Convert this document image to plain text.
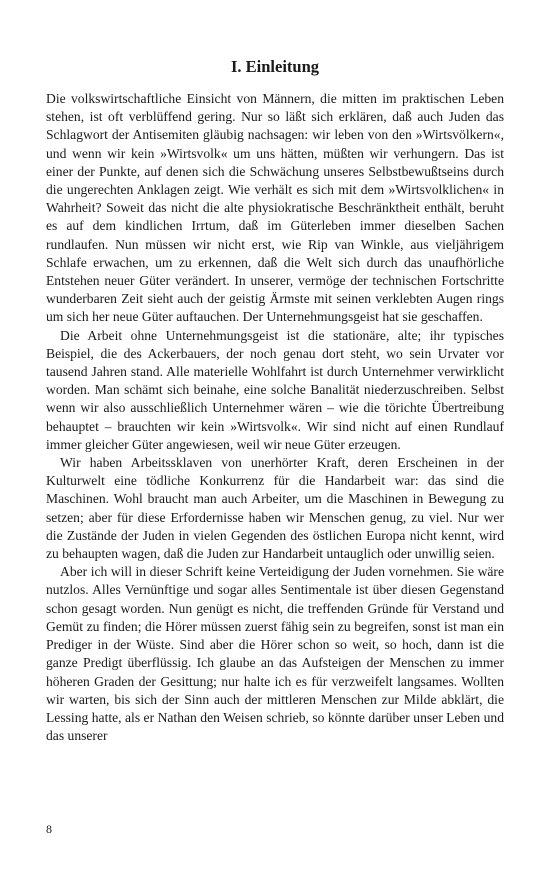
I. Einleitung

Die volkswirtschaftliche Einsicht von Männern, die mitten im praktischen Leben stehen, ist oft verblüffend gering. Nur so läßt sich erklären, daß auch Juden das Schlagwort der Antisemiten gläubig nachsagen: wir leben von den »Wirtsvölkern«, und wenn wir kein »Wirtsvolk« um uns hätten, müßten wir verhungern. Das ist einer der Punkte, auf denen sich die Schwächung unseres Selbstbewußtseins durch die ungerechten Anklagen zeigt. Wie verhält es sich mit dem »Wirtsvolklichen« in Wahrheit? Soweit das nicht die alte physiokratische Beschränktheit enthält, beruht es auf dem kindlichen Irrtum, daß im Güterleben immer dieselben Sachen rundlaufen. Nun müssen wir nicht erst, wie Rip van Winkle, aus vieljährigem Schlafe erwachen, um zu erkennen, daß die Welt sich durch das unaufhörliche Entstehen neuer Güter verändert. In unserer, vermöge der technischen Fortschritte wunderbaren Zeit sieht auch der geistig Ärmste mit seinen verklebten Augen rings um sich her neue Güter auftauchen. Der Unternehmungsgeist hat sie geschaffen.

Die Arbeit ohne Unternehmungsgeist ist die stationäre, alte; ihr typisches Beispiel, die des Ackerbauers, der noch genau dort steht, wo sein Urvater vor tausend Jahren stand. Alle materielle Wohlfahrt ist durch Unternehmer verwirklicht worden. Man schämt sich beinahe, eine solche Banalität niederzuschreiben. Selbst wenn wir also ausschließlich Unternehmer wären – wie die törichte Übertreibung behauptet – brauchten wir kein »Wirtsvolk«. Wir sind nicht auf einen Rundlauf immer gleicher Güter angewiesen, weil wir neue Güter erzeugen.

Wir haben Arbeitssklaven von unerhörter Kraft, deren Erscheinen in der Kulturwelt eine tödliche Konkurrenz für die Handarbeit war: das sind die Maschinen. Wohl braucht man auch Arbeiter, um die Maschinen in Bewegung zu setzen; aber für diese Erfordernisse haben wir Menschen genug, zu viel. Nur wer die Zustände der Juden in vielen Gegenden des östlichen Europa nicht kennt, wird zu behaupten wagen, daß die Juden zur Handarbeit untauglich oder unwillig seien.

Aber ich will in dieser Schrift keine Verteidigung der Juden vornehmen. Sie wäre nutzlos. Alles Vernünftige und sogar alles Sentimentale ist über diesen Gegenstand schon gesagt worden. Nun genügt es nicht, die treffenden Gründe für Verstand und Gemüt zu finden; die Hörer müssen zuerst fähig sein zu begreifen, sonst ist man ein Prediger in der Wüste. Sind aber die Hörer schon so weit, so hoch, dann ist die ganze Predigt überflüssig. Ich glaube an das Aufsteigen der Menschen zu immer höheren Graden der Gesittung; nur halte ich es für verzweifelt langsames. Wollten wir warten, bis sich der Sinn auch der mittleren Menschen zur Milde abklärt, die Lessing hatte, als er Nathan den Weisen schrieb, so könnte darüber unser Leben und das unserer

8
